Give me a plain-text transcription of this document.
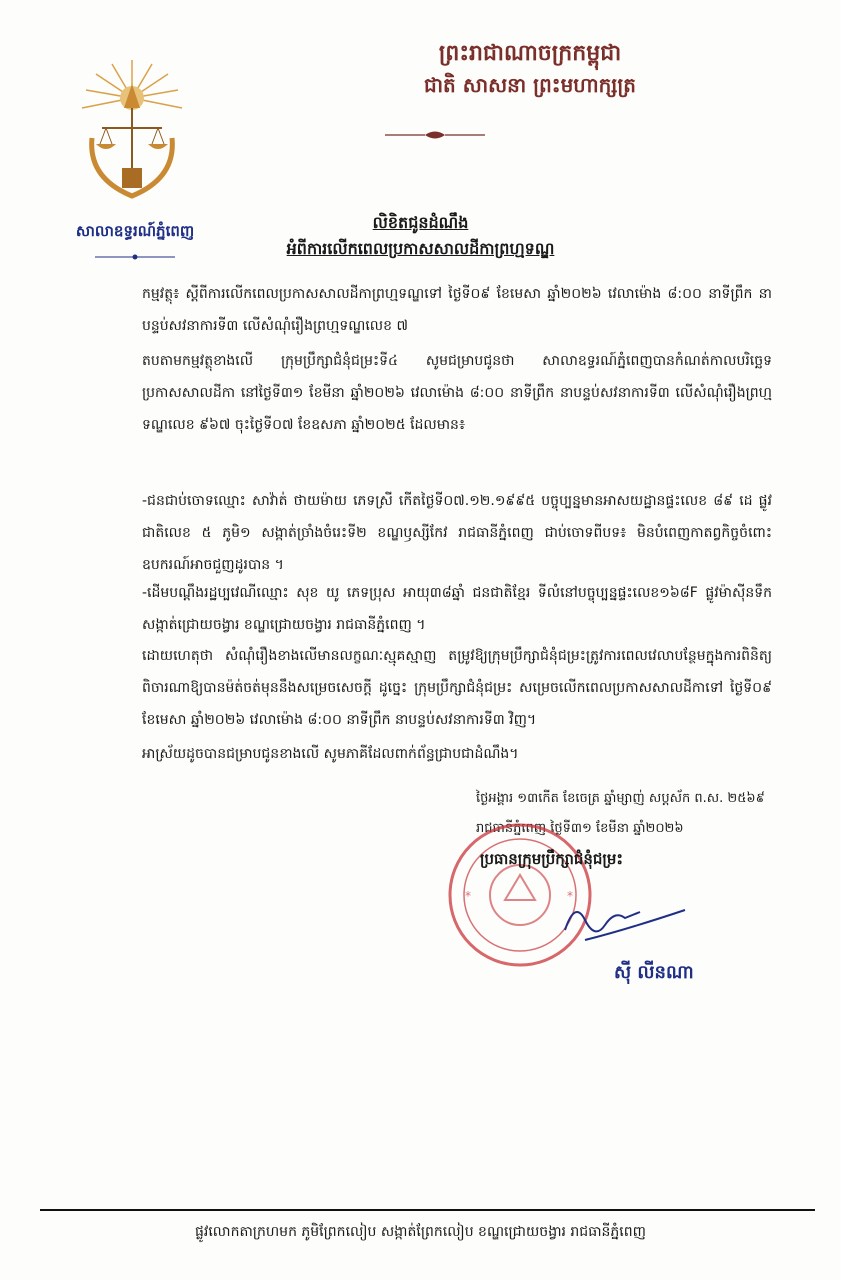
ព្រះរាជាណាចក្រកម្ពុជា
ជាតិ សាសនា ព្រះមហាក្សត្រ
សាលាឧទ្ធរណ៍ភ្នំពេញ	លិខិតជូនដំណឹង
អំពីការលើកពេលប្រកាសសាលដីកាព្រហ្មទណ្ឌ
កម្មវត្ថុ៖ ស្ដីពីការលើកពេលប្រកាសសាលដីកាព្រហ្មទណ្ឌទៅ ថ្ងៃទី០៩ ខែមេសា ឆ្នាំ២០២៦ វេលាម៉ោង ៨:០០ នាទីព្រឹក នាបន្ទប់សវនាការទី៣ លើសំណុំរឿងព្រហ្មទណ្ឌលេខ ៧
តបតាមកម្មវត្ថុខាងលើ ក្រុមប្រឹក្សាជំនុំជម្រះទី៤ សូមជម្រាបជូនថា សាលាឧទ្ធរណ៍ភ្នំពេញបានកំណត់កាលបរិច្ឆេទប្រកាសសាលដីកា នៅថ្ងៃទី៣១ ខែមីនា ឆ្នាំ២០២៦ វេលាម៉ោង ៨:០០ នាទីព្រឹក នាបន្ទប់សវនាការទី៣ លើសំណុំរឿងព្រហ្មទណ្ឌលេខ ៩៦៧ ចុះថ្ងៃទី០៧ ខែឧសភា ឆ្នាំ២០២៥ ដែលមាន៖
-ជនជាប់ចោទឈ្មោះ សាវ៉ាត់ ថាយម៉ាយ ភេទស្រី កើតថ្ងៃទី០៧.១២.១៩៩៥ បច្ចុប្បន្នមានអាសយដ្ឋានផ្ទះលេខ ៨៩ ដេ ផ្លូវជាតិលេខ ៥ ភូមិ១ សង្កាត់ច្រាំងចំរេះទី២ ខណ្ឌឫស្សីកែវ រាជធានីភ្នំពេញ ជាប់ចោទពីបទ៖ មិនបំពេញកាតព្វកិច្ចចំពោះឧបករណ៍អាចជួញដូរបាន ។
-ដើមបណ្ដឹងរដ្ឋប្បវេណីឈ្មោះ សុខ យូ ភេទប្រុស អាយុ៣៨ឆ្នាំ ជនជាតិខ្មែរ ទីលំនៅបច្ចុប្បន្នផ្ទះលេខ១៦៨F ផ្លូវម៉ាស៊ីនទឹក សង្កាត់ជ្រោយចង្វារ ខណ្ឌជ្រោយចង្វារ រាជធានីភ្នំពេញ ។
ដោយហេតុថា សំណុំរឿងខាងលើមានលក្ខណៈស្មុគស្មាញ តម្រូវឱ្យក្រុមប្រឹក្សាជំនុំជម្រះត្រូវការពេលវេលាបន្ថែមក្នុងការពិនិត្យពិចារណាឱ្យបានម៉ត់ចត់មុននឹងសម្រេចសេចក្ដី ដូច្នេះ ក្រុមប្រឹក្សាជំនុំជម្រះ សម្រេចលើកពេលប្រកាសសាលដីកាទៅ ថ្ងៃទី០៩ ខែមេសា ឆ្នាំ២០២៦ វេលាម៉ោង ៨:០០ នាទីព្រឹក នាបន្ទប់សវនាការទី៣ វិញ។
អាស្រ័យដូចបានជម្រាបជូនខាងលើ សូមភាគីដែលពាក់ព័ន្ធជ្រាបជាដំណឹង។
ថ្ងៃអង្គារ ១៣កើត ខែចេត្រ ឆ្នាំម្សាញ់ សប្តស័ក ព.ស. ២៥៦៩
រាជធានីភ្នំពេញ ថ្ងៃទី៣១ ខែមីនា ឆ្នាំ២០២៦
*	*
ប្រធានក្រុមប្រឹក្សាជំនុំជម្រះ
ស៊ី លីនណា
ផ្លូវលោកតាក្រហមក ភូមិព្រែកលៀប សង្កាត់ព្រែកលៀប ខណ្ឌជ្រោយចង្វារ រាជធានីភ្នំពេញ
